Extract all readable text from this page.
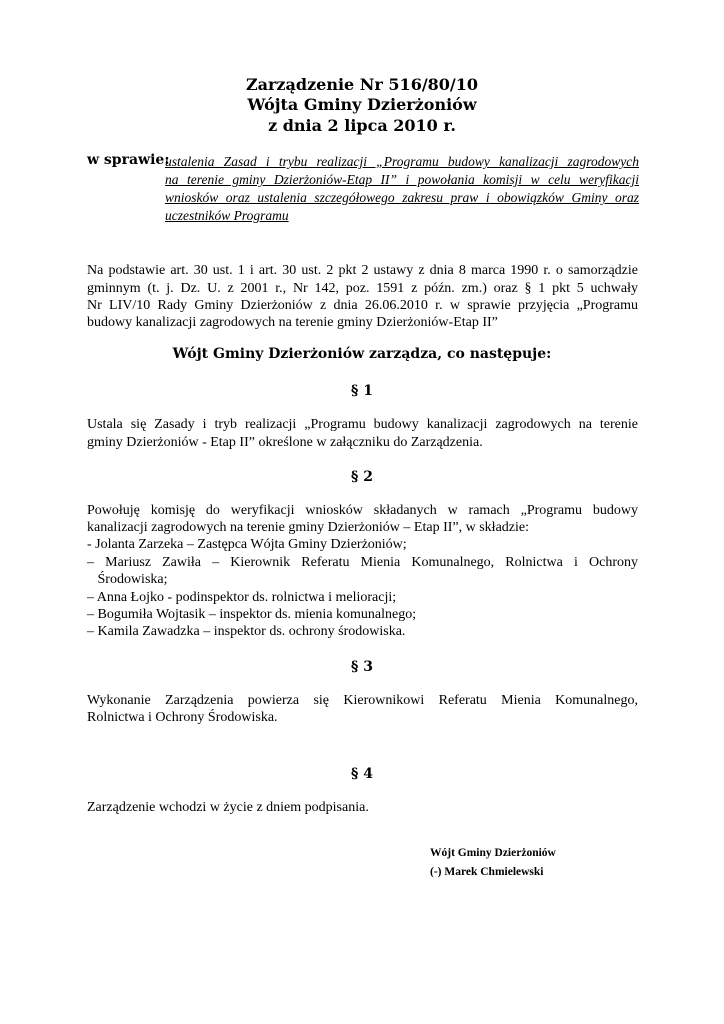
Zarządzenie Nr 516/80/10
Wójta Gminy Dzierżoniów
z dnia 2 lipca 2010 r.
w sprawie:
ustalenia Zasad i trybu realizacji „Programu budowy kanalizacji zagrodowych
na terenie gminy Dzierżoniów-Etap II” i powołania komisji w celu weryfikacji
wniosków oraz ustalenia szczegółowego zakresu praw i obowiązków Gminy oraz
uczestników Programu
Na podstawie art. 30 ust. 1 i art. 30 ust. 2 pkt 2 ustawy z dnia 8 marca 1990 r. o samorządzie
gminnym (t. j. Dz. U. z 2001 r., Nr 142, poz. 1591 z późn. zm.) oraz § 1 pkt 5 uchwały
Nr LIV/10 Rady Gminy Dzierżoniów z dnia 26.06.2010 r. w sprawie przyjęcia „Programu
budowy kanalizacji zagrodowych na terenie gminy Dzierżoniów-Etap II”
Wójt Gminy Dzierżoniów zarządza, co następuje:
§ 1
Ustala się Zasady i tryb realizacji „Programu budowy kanalizacji zagrodowych na terenie
gminy Dzierżoniów - Etap II” określone w załączniku do Zarządzenia.
§ 2
Powołuję komisję do weryfikacji wniosków składanych w ramach „Programu budowy
kanalizacji zagrodowych na terenie gminy Dzierżoniów – Etap II”, w składzie:
- Jolanta Zarzeka – Zastępca Wójta Gminy Dzierżoniów;
– Mariusz Zawiła – Kierownik Referatu Mienia Komunalnego, Rolnictwa i Ochrony
Środowiska;
– Anna Łojko - podinspektor ds. rolnictwa i melioracji;
– Bogumiła Wojtasik – inspektor ds. mienia komunalnego;
– Kamila Zawadzka – inspektor ds. ochrony środowiska.
§ 3
Wykonanie Zarządzenia powierza się Kierownikowi Referatu Mienia Komunalnego,
Rolnictwa i Ochrony Środowiska.
§ 4
Zarządzenie wchodzi w życie z dniem podpisania.
Wójt Gminy Dzierżoniów
(-) Marek Chmielewski
